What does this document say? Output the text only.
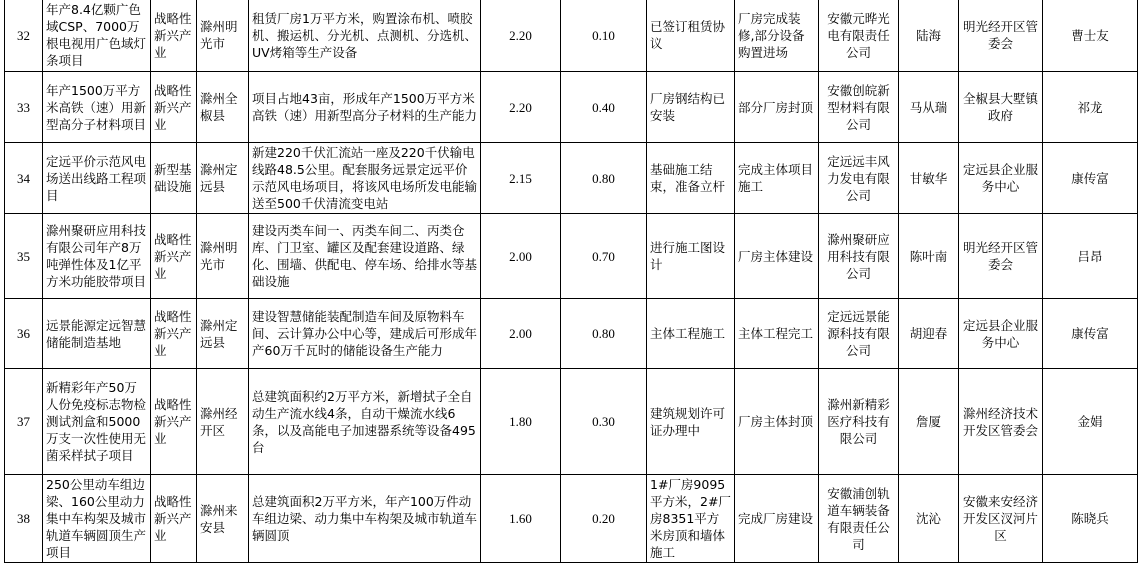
32	年产8.4亿颗广色域CSP、7000万根电视用广色域灯条项目	战略性新兴产业	滁州明光市	租赁厂房1万平方米，购置涂布机、喷胶机、搬运机、分光机、点测机、分选机、UV烤箱等生产设备	2.20	0.10	已签订租赁协议	厂房完成装修,部分设备购置进场	安徽元晔光电有限责任公司	陆海	明光经开区管委会	曹士友
33	年产1500万平方米高铁（速）用新型高分子材料项目	战略性新兴产业	滁州全椒县	项目占地43亩，形成年产1500万平方米高铁（速）用新型高分子材料的生产能力	2.20	0.40	厂房钢结构已安装	部分厂房封顶	安徽创皖新型材料有限公司	马从瑞	全椒县大墅镇政府	祁龙
34	定远平价示范风电场送出线路工程项目	新型基础设施	滁州定远县	新建220千伏汇流站一座及220千伏输电线路48.5公里。配套服务远景定远平价示范风电场项目，将该风电场所发电能输送至500千伏清流变电站	2.15	0.80	基础施工结束，准备立杆	完成主体项目施工	定远远丰风力发电有限公司	甘敏华	定远县企业服务中心	康传富
35	滁州聚研应用科技有限公司年产8万吨弹性体及1亿平方米功能胶带项目	战略性新兴产业	滁州明光市	建设丙类车间一、丙类车间二、丙类仓库、门卫室、罐区及配套建设道路、绿化、围墙、供配电、停车场、给排水等基础设施	2.00	0.70	进行施工图设计	厂房主体建设	滁州聚研应用科技有限公司	陈叶南	明光经开区管委会	吕昂
36	远景能源定远智慧储能制造基地	战略性新兴产业	滁州定远县	建设智慧储能装配制造车间及原物料车间、云计算办公中心等，建成后可形成年产60万千瓦时的储能设备生产能力	2.00	0.80	主体工程施工	主体工程完工	定远远景能源科技有限公司	胡迎春	定远县企业服务中心	康传富
37	新精彩年产50万人份免疫标志物检测试剂盒和5000万支一次性使用无菌采样拭子项目	战略性新兴产业	滁州经开区	总建筑面积约2万平方米，新增拭子全自动生产流水线4条，自动干燥流水线6条，以及高能电子加速器系统等设备495台	1.80	0.30	建筑规划许可证办理中	厂房主体封顶	滁州新精彩医疗科技有限公司	詹厦	滁州经济技术开发区管委会	金娟
38	250公里动车组边梁、160公里动力集中车构架及城市轨道车辆圆顶生产项目	战略性新兴产业	滁州来安县	总建筑面积2万平方米，年产100万件动车组边梁、动力集中车构架及城市轨道车辆圆顶	1.60	0.20	1#厂房9095平方米，2#厂房8351平方米房顶和墙体施工	完成厂房建设	安徽浦创轨道车辆装备有限责任公司	沈沁	安徽来安经济开发区汊河片区	陈晓兵
